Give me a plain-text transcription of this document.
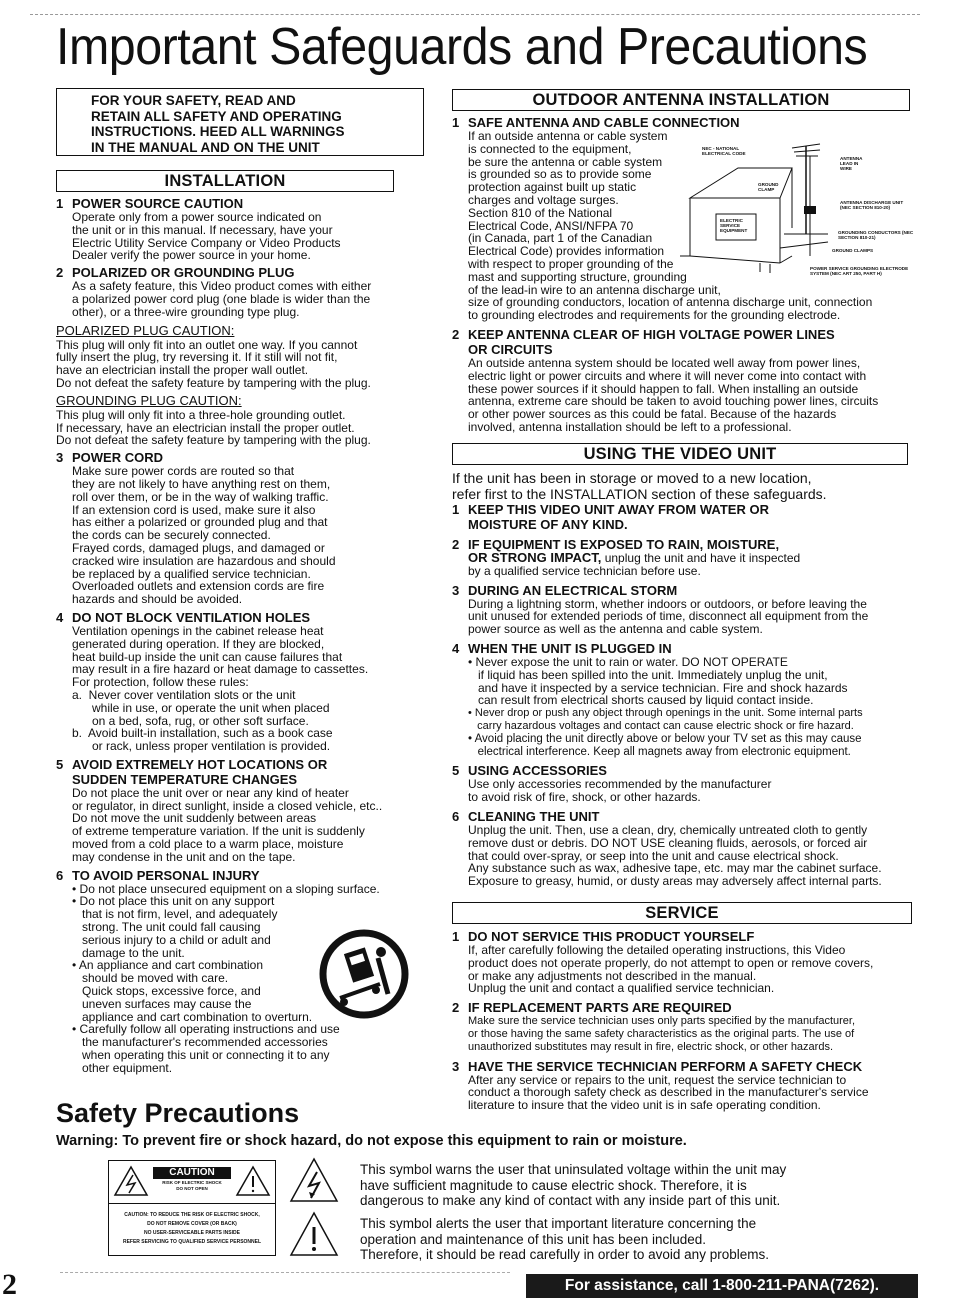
Important Safeguards and Precautions
FOR YOUR SAFETY, READ AND
RETAIN ALL SAFETY AND OPERATING
INSTRUCTIONS. HEED ALL WARNINGS
IN THE MANUAL AND ON THE UNIT
INSTALLATION
1 POWER SOURCE CAUTION
Operate only from a power source indicated on
the unit or in this manual. If necessary, have your
Electric Utility Service Company or Video Products
Dealer verify the power source in your home.
2 POLARIZED OR GROUNDING PLUG
As a safety feature, this Video product comes with either
a polarized power cord plug (one blade is wider than the
other), or a three-wire grounding type plug.
POLARIZED PLUG CAUTION:
This plug will only fit into an outlet one way. If you cannot
fully insert the plug, try reversing it. If it still will not fit,
have an electrician install the proper wall outlet.
Do not defeat the safety feature by tampering with the plug.
GROUNDING PLUG CAUTION:
This plug will only fit into a three-hole grounding outlet.
If necessary, have an electrician install the proper outlet.
Do not defeat the safety feature by tampering with the plug.
3 POWER CORD
Make sure power cords are routed so that
they are not likely to have anything rest on them,
roll over them, or be in the way of walking traffic.
If an extension cord is used, make sure it also
has either a polarized or grounded plug and that
the cords can be securely connected.
Frayed cords, damaged plugs, and damaged or
cracked wire insulation are hazardous and should
be replaced by a qualified service technician.
Overloaded outlets and extension cords are fire
hazards and should be avoided.
4 DO NOT BLOCK VENTILATION HOLES
Ventilation openings in the cabinet release heat
generated during operation. If they are blocked,
heat build-up inside the unit can cause failures that
may result in a fire hazard or heat damage to cassettes.
For protection, follow these rules:
a.  Never cover ventilation slots or the unit
while in use, or operate the unit when placed
on a bed, sofa, rug, or other soft surface.
b.  Avoid built-in installation, such as a book case
or rack, unless proper ventilation is provided.
5 AVOID EXTREMELY HOT LOCATIONS OR
SUDDEN TEMPERATURE CHANGES
Do not place the unit over or near any kind of heater
or regulator, in direct sunlight, inside a closed vehicle, etc..
Do not move the unit suddenly between areas
of extreme temperature variation. If the unit is suddenly
moved from a cold place to a warm place, moisture
may condense in the unit and on the tape.
6 TO AVOID PERSONAL INJURY
• Do not place unsecured equipment on a sloping surface.
• Do not place this unit on any support
that is not firm, level, and adequately
strong. The unit could fall causing
serious injury to a child or adult and
damage to the unit.
• An appliance and cart combination
should be moved with care.
Quick stops, excessive force, and
uneven surfaces may cause the
appliance and cart combination to overturn.
• Carefully follow all operating instructions and use
the manufacturer's recommended accessories
when operating this unit or connecting it to any
other equipment.
OUTDOOR ANTENNA INSTALLATION
1 SAFE ANTENNA AND CABLE CONNECTION
If an outside antenna or cable system
is connected to the equipment,
be sure the antenna or cable system
is grounded so as to provide some
protection against built up static
charges and voltage surges.
Section 810 of the National
Electrical Code, ANSI/NFPA 70
(in Canada, part 1 of the Canadian
Electrical Code) provides information
with respect to proper grounding of the
mast and supporting structure, grounding
of the lead-in wire to an antenna discharge unit,
size of grounding conductors, location of antenna discharge unit, connection
to grounding electrodes and requirements for the grounding electrode.
2 KEEP ANTENNA CLEAR OF HIGH VOLTAGE POWER LINES
OR CIRCUITS
An outside antenna system should be located well away from power lines,
electric light or power circuits and where it will never come into contact with
these power sources if it should happen to fall. When installing an outside
antenna, extreme care should be taken to avoid touching power lines, circuits
or other power sources as this could be fatal. Because of the hazards
involved, antenna installation should be left to a professional.
NEC - NATIONAL ELECTRICAL CODE
ANTENNA LEAD IN WIRE
GROUND CLAMP
ANTENNA DISCHARGE UNIT (NEC SECTION 810-20)
ELECTRIC SERVICE EQUIPMENT	GROUNDING CONDUCTORS (NEC SECTION 810-21)
GROUND CLAMPS
POWER SERVICE GROUNDING ELECTRODE SYSTEM (NEC ART 250, PART H)
USING THE VIDEO UNIT
If the unit has been in storage or moved to a new location,
refer first to the INSTALLATION section of these safeguards.
1 KEEP THIS VIDEO UNIT AWAY FROM WATER OR
MOISTURE OF ANY KIND.
2 IF EQUIPMENT IS EXPOSED TO RAIN, MOISTURE,
OR STRONG IMPACT, unplug the unit and have it inspected
by a qualified service technician before use.
3 DURING AN ELECTRICAL STORM
During a lightning storm, whether indoors or outdoors, or before leaving the
unit unused for extended periods of time, disconnect all equipment from the
power source as well as the antenna and cable system.
4 WHEN THE UNIT IS PLUGGED IN
• Never expose the unit to rain or water. DO NOT OPERATE
if liquid has been spilled into the unit. Immediately unplug the unit,
and have it inspected by a service technician. Fire and shock hazards
can result from electrical shorts caused by liquid contact inside.
• Never drop or push any object through openings in the unit. Some internal parts
carry hazardous voltages and contact can cause electric shock or fire hazard.
• Avoid placing the unit directly above or below your TV set as this may cause
electrical interference. Keep all magnets away from electronic equipment.
5 USING ACCESSORIES
Use only accessories recommended by the manufacturer
to avoid risk of fire, shock, or other hazards.
6 CLEANING THE UNIT
Unplug the unit. Then, use a clean, dry, chemically untreated cloth to gently
remove dust or debris. DO NOT USE cleaning fluids, aerosols, or forced air
that could over-spray, or seep into the unit and cause electrical shock.
Any substance such as wax, adhesive tape, etc. may mar the cabinet surface.
Exposure to greasy, humid, or dusty areas may adversely affect internal parts.
SERVICE
1 DO NOT SERVICE THIS PRODUCT YOURSELF
If, after carefully following the detailed operating instructions, this Video
product does not operate properly, do not attempt to open or remove covers,
or make any adjustments not described in the manual.
Unplug the unit and contact a qualified service technician.
2 IF REPLACEMENT PARTS ARE REQUIRED
Make sure the service technician uses only parts specified by the manufacturer,
or those having the same safety characteristics as the original parts. The use of
unauthorized substitutes may result in fire, electric shock, or other hazards.
3 HAVE THE SERVICE TECHNICIAN PERFORM A SAFETY CHECK
After any service or repairs to the unit, request the service technician to
conduct a thorough safety check as described in the manufacturer's service
literature to insure that the video unit is in safe operating condition.
Safety Precautions
Warning: To prevent fire or shock hazard, do not expose this equipment to rain or moisture.
CAUTION
RISK OF ELECTRIC SHOCK
DO NOT OPEN
CAUTION: TO REDUCE THE RISK OF ELECTRIC SHOCK,
DO NOT REMOVE COVER (OR BACK)
NO USER-SERVICEABLE PARTS INSIDE
REFER SERVICING TO QUALIFIED SERVICE PERSONNEL
This symbol warns the user that uninsulated voltage within the unit may
have sufficient magnitude to cause electric shock. Therefore, it is
dangerous to make any kind of contact with any inside part of this unit.
This symbol alerts the user that important literature concerning the
operation and maintenance of this unit has been included.
Therefore, it should be read carefully in order to avoid any problems.
2	For assistance, call 1-800-211-PANA(7262).
